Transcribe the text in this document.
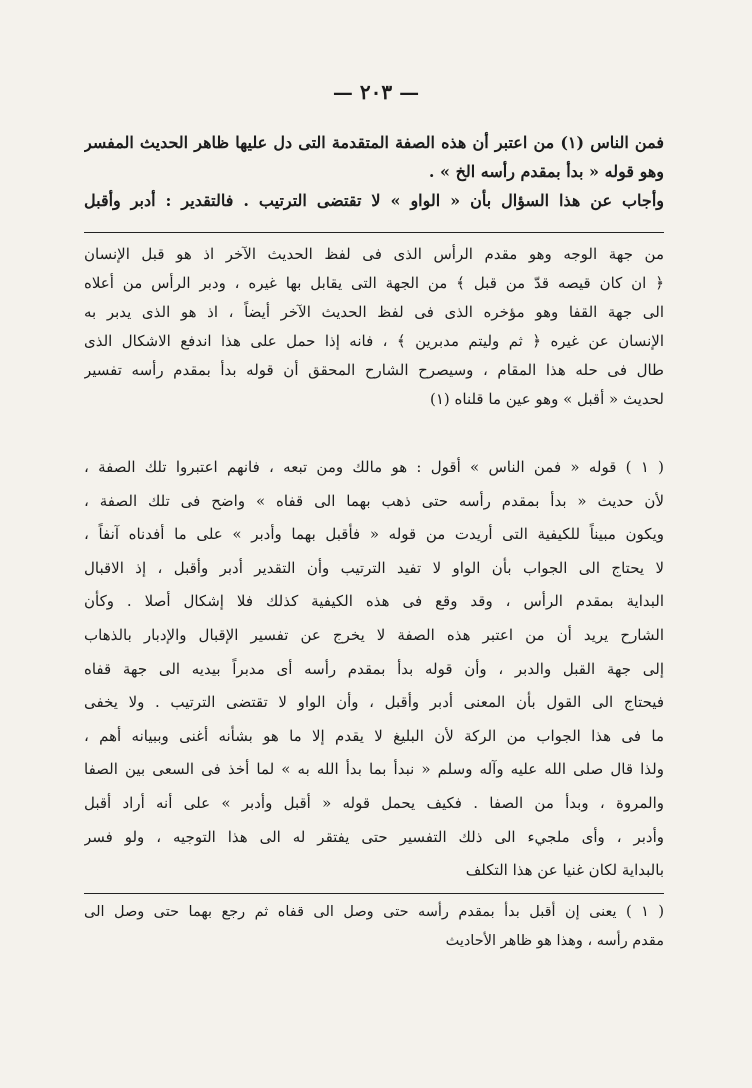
— ٢٠٣ —
فمن الناس (١) من اعتبر أن هذه الصفة المتقدمة التى دل عليها ظاهر الحديث المفسر
وهو قوله « بدأ بمقدم رأسه الخ » .
وأجاب عن هذا السؤال بأن « الواو » لا تقتضى الترتيب . فالتقدير : أدبر وأقبل
من جهة الوجه وهو مقدم الرأس الذى فى لفظ الحديث الآخر اذ هو قبل الإنسان
﴿ ان كان قيصه قدّ من قبل ﴾ من الجهة التى يقابل بها غيره ، ودبر الرأس من أعلاه
الى جهة القفا وهو مؤخره الذى فى لفظ الحديث الآخر أيضاً ، اذ هو الذى يدبر به
الإنسان عن غيره ﴿ ثم وليتم مدبرين ﴾ ، فانه إذا حمل على هذا اندفع الاشكال الذى
طال فى حله هذا المقام ، وسيصرح الشارح المحقق أن قوله بدأ بمقدم رأسه تفسير
لحديث « أقبل » وهو عين ما قلناه (١)
( ١ ) قوله « فمن الناس » أقول : هو مالك ومن تبعه ، فانهم اعتبروا تلك الصفة ،
لأن حديث « بدأ بمقدم رأسه حتى ذهب بهما الى قفاه » واضح فى تلك الصفة ،
ويكون مبيناً للكيفية التى أريدت من قوله « فأقبل بهما وأدبر » على ما أفدناه آنفاً ،
لا يحتاج الى الجواب بأن الواو لا تفيد الترتيب وأن التقدير أدبر وأقبل ، إذ الاقبال
البداية بمقدم الرأس ، وقد وقع فى هذه الكيفية كذلك فلا إشكال أصلا . وكأن
الشارح يريد أن من اعتبر هذه الصفة لا يخرج عن تفسير الإقبال والإدبار بالذهاب
إلى جهة القبل والدبر ، وأن قوله بدأ بمقدم رأسه أى مدبراً بيديه الى جهة قفاه
فيحتاج الى القول بأن المعنى أدبر وأقبل ، وأن الواو لا تقتضى الترتيب . ولا يخفى
ما فى هذا الجواب من الركة لأن البليغ لا يقدم إلا ما هو بشأنه أغنى وببيانه أهم ،
ولذا قال صلى الله عليه وآله وسلم « نبدأ بما بدأ الله به » لما أخذ فى السعى بين الصفا
والمروة ، وبدأ من الصفا . فكيف يحمل قوله « أقبل وأدبر » على أنه أراد أقبل
وأدبر ، وأى ملجيء الى ذلك التفسير حتى يفتقر له الى هذا التوجيه ، ولو فسر
بالبداية لكان غنيا عن هذا التكلف
( ١ ) يعنى إن أقبل بدأ بمقدم رأسه حتى وصل الى قفاه ثم رجع بهما حتى وصل الى
مقدم رأسه ، وهذا هو ظاهر الأحاديث
